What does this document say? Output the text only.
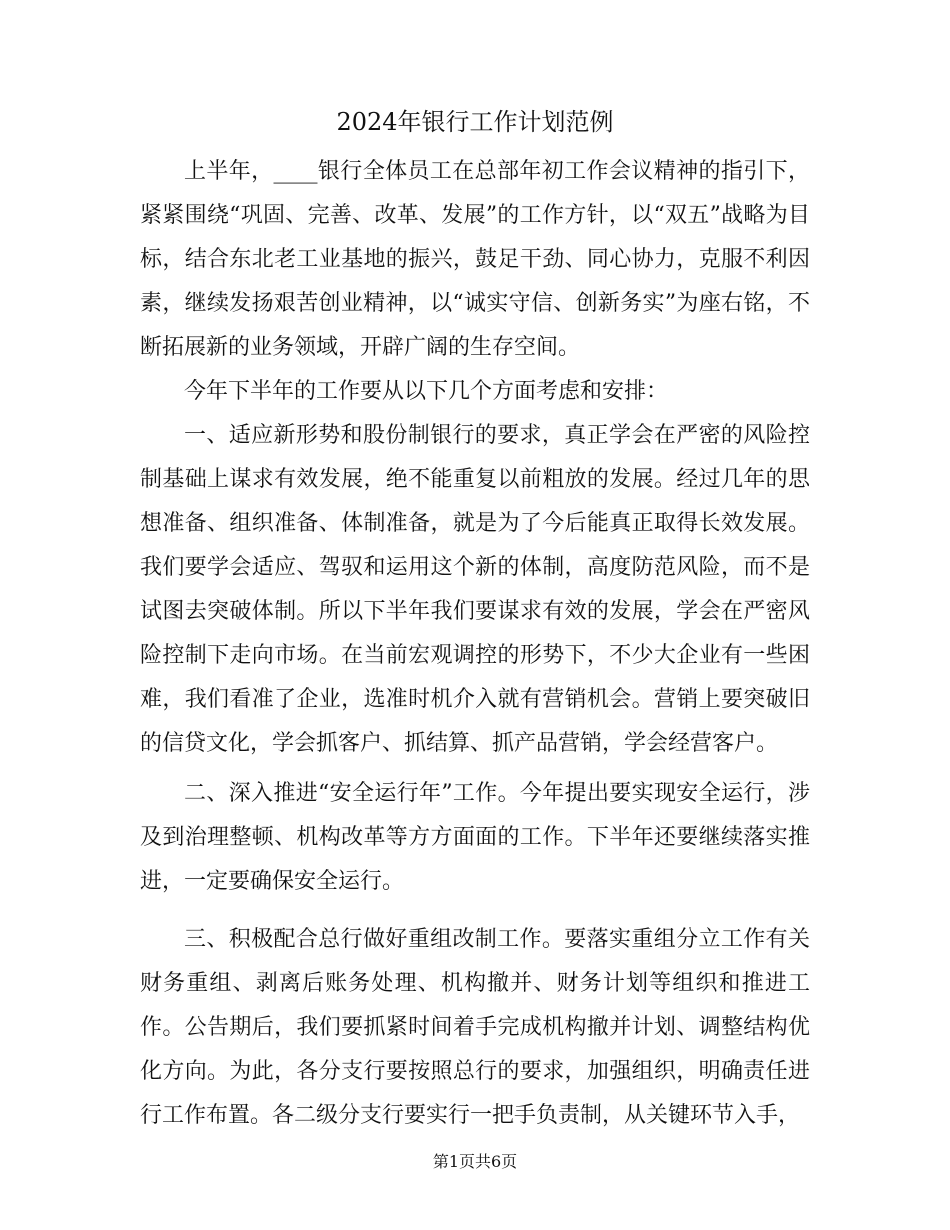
2024年银行工作计划范例

上半年，____银行全体员工在总部年初工作会议精神的指引下，紧紧围绕“巩固、完善、改革、发展”的工作方针，以“双五”战略为目标，结合东北老工业基地的振兴，鼓足干劲、同心协力，克服不利因素，继续发扬艰苦创业精神，以“诚实守信、创新务实”为座右铭，不断拓展新的业务领域，开辟广阔的生存空间。

今年下半年的工作要从以下几个方面考虑和安排：

一、适应新形势和股份制银行的要求，真正学会在严密的风险控制基础上谋求有效发展，绝不能重复以前粗放的发展。经过几年的思想准备、组织准备、体制准备，就是为了今后能真正取得长效发展。我们要学会适应、驾驭和运用这个新的体制，高度防范风险，而不是试图去突破体制。所以下半年我们要谋求有效的发展，学会在严密风险控制下走向市场。在当前宏观调控的形势下，不少大企业有一些困难，我们看准了企业，选准时机介入就有营销机会。营销上要突破旧的信贷文化，学会抓客户、抓结算、抓产品营销，学会经营客户。

二、深入推进“安全运行年”工作。今年提出要实现安全运行，涉及到治理整顿、机构改革等方方面面的工作。下半年还要继续落实推进，一定要确保安全运行。

三、积极配合总行做好重组改制工作。要落实重组分立工作有关财务重组、剥离后账务处理、机构撤并、财务计划等组织和推进工作。公告期后，我们要抓紧时间着手完成机构撤并计划、调整结构优化方向。为此，各分支行要按照总行的要求，加强组织，明确责任进行工作布置。各二级分支行要实行一把手负责制，从关键环节入手，

第1页共6页
